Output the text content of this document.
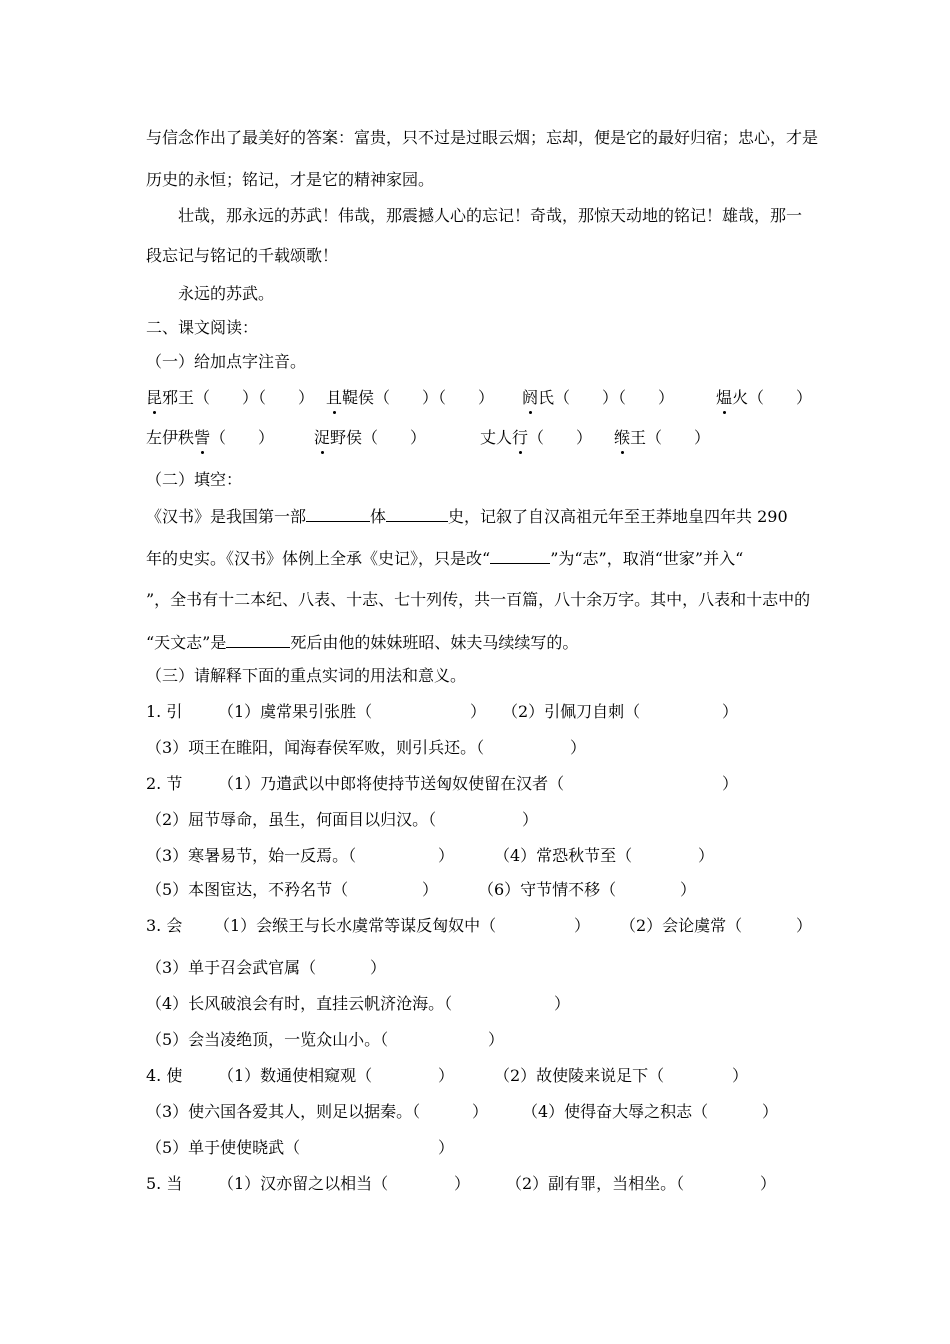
与信念作出了最美好的答案：富贵，只不过是过眼云烟；忘却，便是它的最好归宿；忠心，才是
历史的永恒；铭记，才是它的精神家园。
壮哉，那永远的苏武！伟哉，那震撼人心的忘记！奇哉，那惊天动地的铭记！雄哉，那一
段忘记与铭记的千载颂歌！
永远的苏武。
二、课文阅读：
（一）给加点字注音。
昆邪王（　　）（　　） 且鞮侯（　　）（　　） 阏氏（　　）（　　）	煴火（　　）
左伊秩訾（　　） 浞野侯（　　）	丈人行（　　） 缑王（　　）
（二）填空：
《汉书》是我国第一部	体	史，记叙了自汉高祖元年至王莽地皇四年共 290
年的史实。《汉书》体例上全承《史记》，只是改“	”为“志”，取消“世家”并入“
”，全书有十二本纪、八表、十志、七十列传，共一百篇，八十余万字。其中，八表和十志中的
“天文志”是	死后由他的妹妹班昭、妹夫马续续写的。
（三）请解释下面的重点实词的用法和意义。
1. 引 （1）虞常果引张胜（	） （2）引佩刀自刺（	）
（3）项王在睢阳，闻海春侯军败，则引兵还。（	）
2. 节 （1）乃遣武以中郎将使持节送匈奴使留在汉者（	）
（2）屈节辱命，虽生，何面目以归汉。（	）
（3）寒暑易节，始一反焉。（	） （4）常恐秋节至（	）
（5）本图宦达，不矜名节（	） （6）守节情不移（	）
3. 会 （1）会缑王与长水虞常等谋反匈奴中（	） （2）会论虞常（	）
（3）单于召会武官属（	）
（4）长风破浪会有时，直挂云帆济沧海。（	）
（5）会当凌绝顶，一览众山小。（	）
4. 使 （1）数通使相窥观（	） （2）故使陵来说足下（	）
（3）使六国各爱其人，则足以据秦。（	） （4）使得奋大辱之积志（	）
（5）单于使使晓武（	）
5. 当 （1）汉亦留之以相当（	） （2）副有罪，当相坐。（	）
